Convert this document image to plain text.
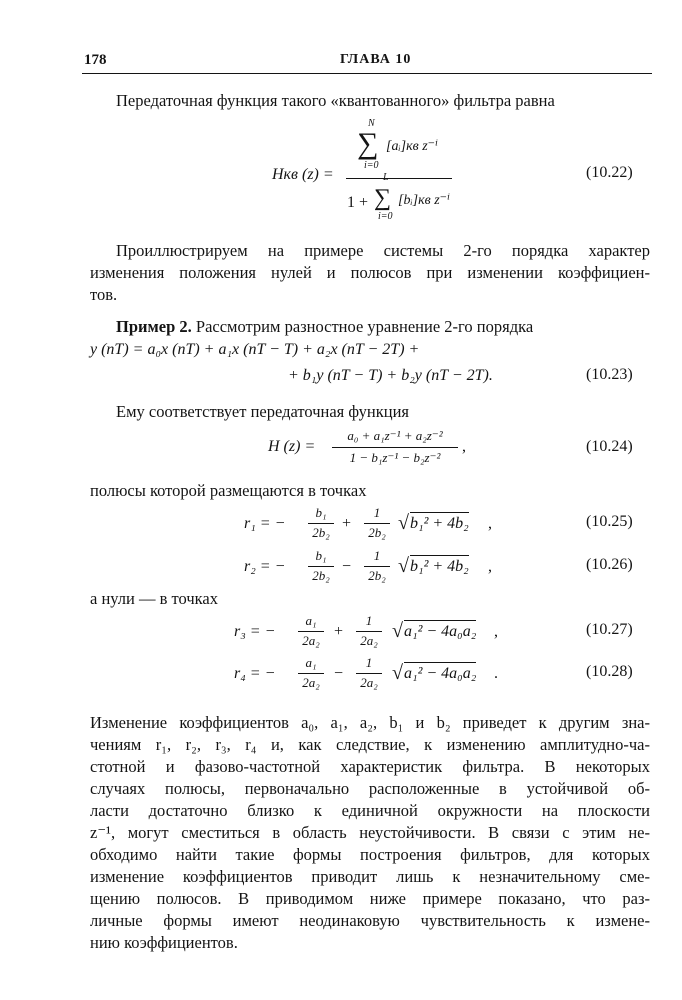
178	ГЛАВА 10
Передаточная функция такого «квантованного» фильтра равна
Hкв (z) =
N
∑
i=0
[aᵢ]кв z⁻ⁱ
1 +
L
∑
i=0
[bᵢ]кв z⁻ⁱ
(10.22)
Проиллюстрируем на примере системы 2-го порядка характер
изменения положения нулей и полюсов при изменении коэффициен-
тов.
Пример 2. Рассмотрим разностное уравнение 2-го порядка
y (nT) = a₀x (nT) + a₁x (nT − T) + a₂x (nT − 2T) +
+ b₁y (nT − T) + b₂y (nT − 2T).	(10.23)
Ему соответствует передаточная функция
H (z) =
a₀ + a₁z⁻¹ + a₂z⁻²
1 − b₁z⁻¹ − b₂z⁻²
,	(10.24)
полюсы которой размещаются в точках
r₁ = −
b₁
2b₂
+
1
2b₂ √ b₁² + 4b₂ ,	(10.25)
r₂ = −
b₁
2b₂
−
1
2b₂ √ b₁² + 4b₂ ,	(10.26)
а нули — в точках
r₃ = −
a₁
2a₂
+
1
2a₂ √ a₁² − 4a₀a₂ ,	(10.27)
r₄ = −
a₁
2a₂
−
1
2a₂ √ a₁² − 4a₀a₂ .	(10.28)
Изменение коэффициентов a₀, a₁, a₂, b₁ и b₂ приведет к другим зна-
чениям r₁, r₂, r₃, r₄ и, как следствие, к изменению амплитудно-ча-
стотной и фазово-частотной характеристик фильтра. В некоторых
случаях полюсы, первоначально расположенные в устойчивой об-
ласти достаточно близко к единичной окружности на плоскости
z⁻¹, могут сместиться в область неустойчивости. В связи с этим не-
обходимо найти такие формы построения фильтров, для которых
изменение коэффициентов приводит лишь к незначительному сме-
щению полюсов. В приводимом ниже примере показано, что раз-
личные формы имеют неодинаковую чувствительность к измене-
нию коэффициентов.
